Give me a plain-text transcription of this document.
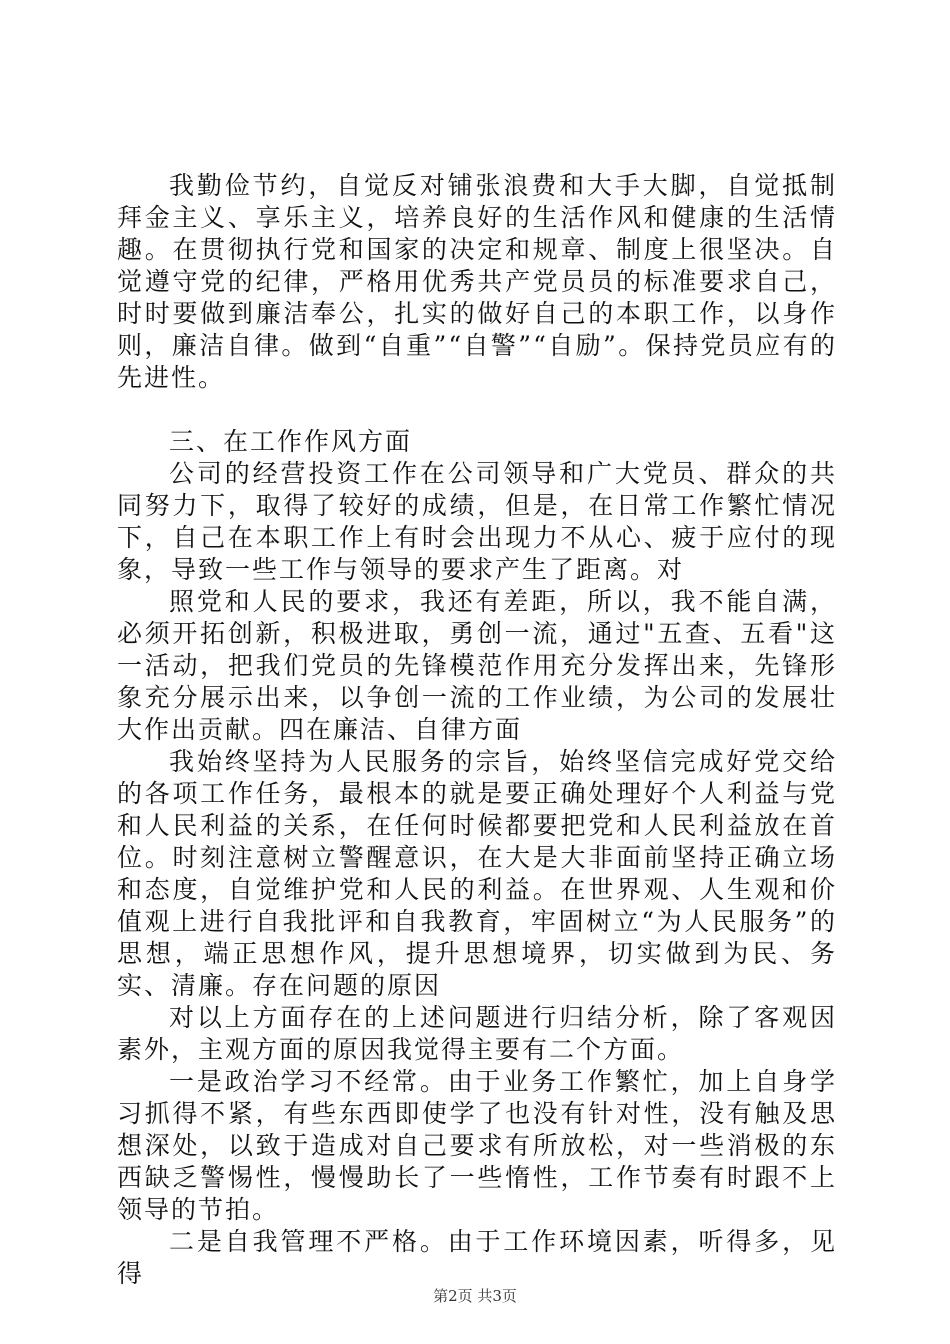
我勤俭节约，自觉反对铺张浪费和大手大脚，自觉抵制拜金主义、享乐主义，培养良好的生活作风和健康的生活情趣。在贯彻执行党和国家的决定和规章、制度上很坚决。自觉遵守党的纪律，严格用优秀共产党员员的标准要求自己，时时要做到廉洁奉公，扎实的做好自己的本职工作，以身作则，廉洁自律。做到“自重”“自警”“自励”。保持党员应有的先进性。

三、在工作作风方面

公司的经营投资工作在公司领导和广大党员、群众的共同努力下，取得了较好的成绩，但是，在日常工作繁忙情况下，自己在本职工作上有时会出现力不从心、疲于应付的现象，导致一些工作与领导的要求产生了距离。对

照党和人民的要求，我还有差距，所以，我不能自满，必须开拓创新，积极进取，勇创一流，通过"五查、五看"这一活动，把我们党员的先锋模范作用充分发挥出来，先锋形象充分展示出来，以争创一流的工作业绩，为公司的发展壮大作出贡献。四在廉洁、自律方面

我始终坚持为人民服务的宗旨，始终坚信完成好党交给的各项工作任务，最根本的就是要正确处理好个人利益与党和人民利益的关系，在任何时候都要把党和人民利益放在首位。时刻注意树立警醒意识，在大是大非面前坚持正确立场和态度，自觉维护党和人民的利益。在世界观、人生观和价值观上进行自我批评和自我教育，牢固树立“为人民服务”的思想，端正思想作风，提升思想境界，切实做到为民、务实、清廉。存在问题的原因

对以上方面存在的上述问题进行归结分析，除了客观因素外，主观方面的原因我觉得主要有二个方面。

一是政治学习不经常。由于业务工作繁忙，加上自身学习抓得不紧，有些东西即使学了也没有针对性，没有触及思想深处，以致于造成对自己要求有所放松，对一些消极的东西缺乏警惕性，慢慢助长了一些惰性，工作节奏有时跟不上领导的节拍。

二是自我管理不严格。由于工作环境因素，听得多，见得

第2页 共3页
